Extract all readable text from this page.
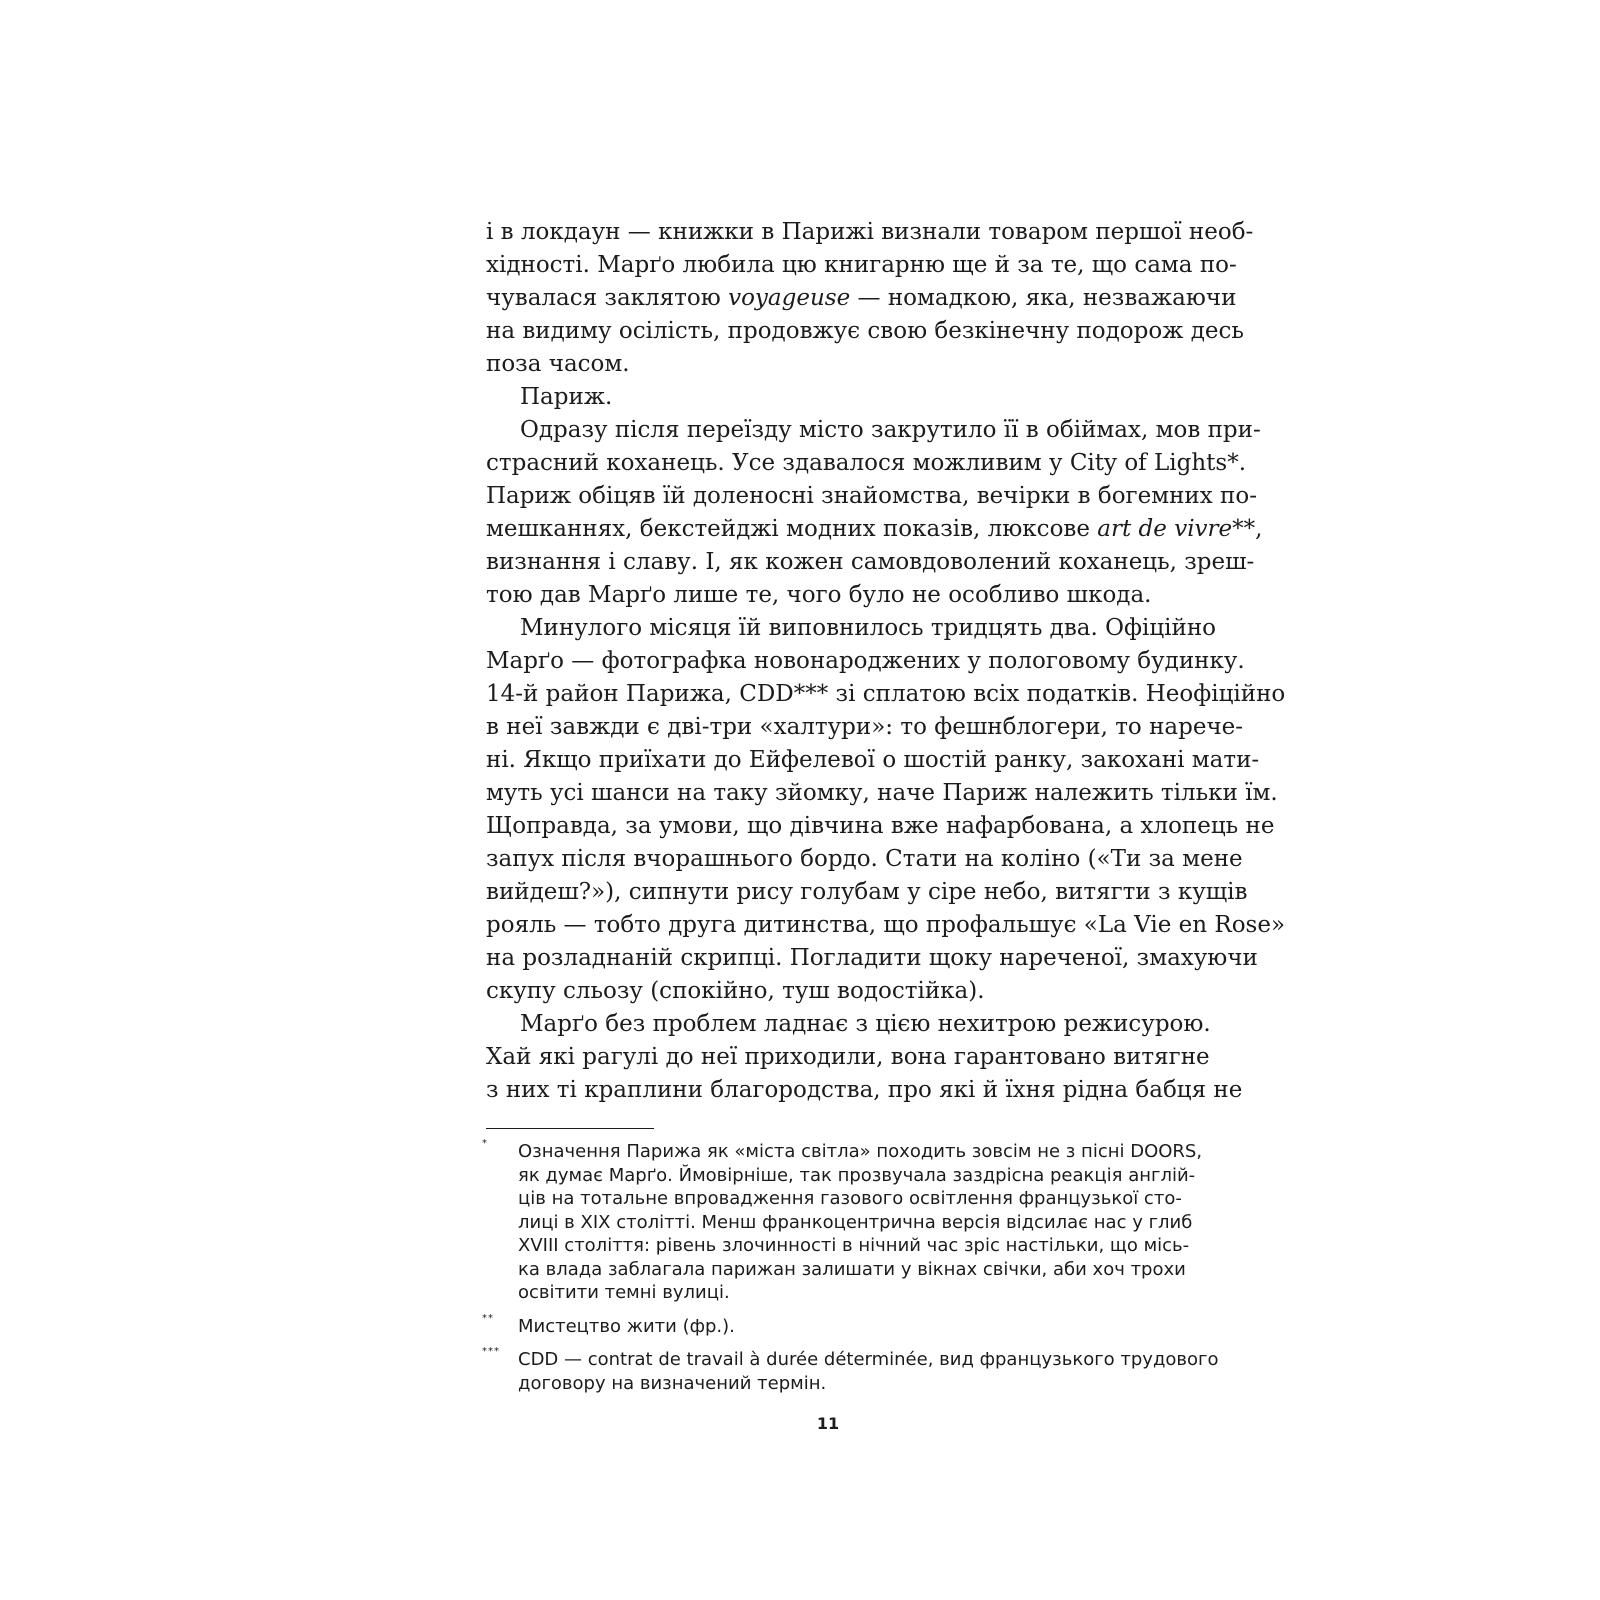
і в локдаун — книжки в Парижі визнали товаром першої необ-
хідності. Марґо любила цю книгарню ще й за те, що сама по-
чувалася заклятою voyageuse — номадкою, яка, незважаючи
на видиму осілість, продовжує свою безкінечну подорож десь
поза часом.
Париж.
Одразу після переїзду місто закрутило її в обіймах, мов при-
страсний коханець. Усе здавалося можливим у City of Lights*.
Париж обіцяв їй доленосні знайомства, вечірки в богемних по-
мешканнях, бекстейджі модних показів, люксове art de vivre**,
визнання і славу. І, як кожен самовдоволений коханець, зреш-
тою дав Марґо лише те, чого було не особливо шкода.
Минулого місяця їй виповнилось тридцять два. Офіційно
Марґо — фотографка новонароджених у пологовому будинку.
14-й район Парижа, CDD*** зі сплатою всіх податків. Неофіційно
в неї завжди є дві-три «халтури»: то фешнблогери, то нарече-
ні. Якщо приїхати до Ейфелевої о шостій ранку, закохані мати-
муть усі шанси на таку зйомку, наче Париж належить тільки їм.
Щоправда, за умови, що дівчина вже нафарбована, а хлопець не
запух після вчорашнього бордо. Стати на коліно («Ти за мене
вийдеш?»), сипнути рису голубам у сіре небо, витягти з кущів
рояль — тобто друга дитинства, що профальшує «La Vie en Rose»
на розладнаній скрипці. Погладити щоку нареченої, змахуючи
скупу сльозу (спокійно, туш водостійка).
Марґо без проблем ладнає з цією нехитрою режисурою.
Хай які рагулі до неї приходили, вона гарантовано витягне
з них ті краплини благородства, про які й їхня рідна бабця не
* Означення Парижа як «міста світла» походить зовсім не з пісні DOORS,
як думає Марґо. Ймовірніше, так прозвучала заздрісна реакція англій-
ців на тотальне впровадження газового освітлення французької сто-
лиці в XIX столітті. Менш франкоцентрична версія відсилає нас у глиб
XVIII століття: рівень злочинності в нічний час зріс настільки, що місь-
ка влада заблагала парижан залишати у вікнах свічки, аби хоч трохи
освітити темні вулиці.
** Мистецтво жити (фр.).
*** CDD — contrat de travail à durée déterminée, вид французького трудового
договору на визначений термін.
11
